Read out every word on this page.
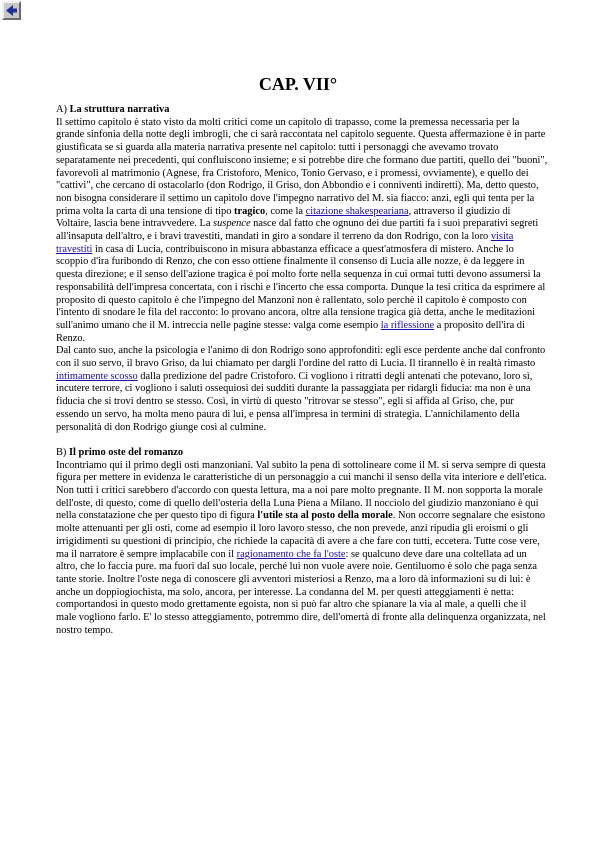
CAP. VII°

A) La struttura narrativa

Il settimo capitolo è stato visto da molti critici come un capitolo di trapasso, come la premessa necessaria per la grande sinfonia della notte degli imbrogli, che ci sarà raccontata nel capitolo seguente. Questa affermazione è in parte giustificata se si guarda alla materia narrativa presente nel capitolo: tutti i personaggi che avevamo trovato separatamente nei precedenti, qui confluiscono insieme; e si potrebbe dire che formano due partiti, quello dei "buoni", favorevoli al matrimonio (Agnese, fra Cristoforo, Menico, Tonio Gervaso, e i promessi, ovviamente), e quello dei "cattivi", che cercano di ostacolarlo (don Rodrigo, il Griso, don Abbondio e i conniventi indiretti). Ma, detto questo, non bisogna considerare il settimo un capitolo dove l'impegno narrativo del M. sia fiacco: anzi, egli qui tenta per la prima volta la carta di una tensione di tipo tragico, come la citazione shakespeariana, attraverso il giudizio di Voltaire, lascia bene intravvedere. La suspence nasce dal fatto che ognuno dei due partiti fa i suoi preparativi segreti all'insaputa dell'altro, e i bravi travestiti, mandati in giro a sondare il terreno da don Rodrigo, con la loro visita travestiti in casa di Lucia, contribuiscono in misura abbastanza efficace a quest'atmosfera di mistero. Anche lo scoppio d'ira furibondo di Renzo, che con esso ottiene finalmente il consenso di Lucia alle nozze, è da leggere in questa direzione; e il senso dell'azione tragica è poi molto forte nella sequenza in cui ormai tutti devono assumersi la responsabilità dell'impresa concertata, con i rischi e l'incerto che essa comporta. Dunque la tesi critica da esprimere al proposito di questo capitolo è che l'impegno del Manzoni non è rallentato, solo perchè il capitolo è composto con l'intento di snodare le fila del racconto: lo provano ancora, oltre alla tensione tragica già detta, anche le meditazioni sull'animo umano che il M. intreccia nelle pagine stesse: valga come esempio la riflessione a proposito dell'ira di Renzo.

Dal canto suo, anche la psicologia e l'animo di don Rodrigo sono approfonditi: egli esce perdente anche dal confronto con il suo servo, il bravo Griso, da lui chiamato per dargli l'ordine del ratto di Lucia. Il tirannello è in realtà rimasto intimamente scosso dalla predizione del padre Cristoforo. Ci vogliono i ritratti degli antenati che potevano, loro sì, incutere terrore, ci vogliono i saluti ossequiosi dei sudditi durante la passaggiata per ridargli fiducia: ma non è una fiducia che si trovi dentro se stesso. Così, in virtù di questo "ritrovar se stesso", egli si affida al Griso, che, pur essendo un servo, ha molta meno paura di lui, e pensa all'impresa in termini di strategia. L'annichilamento della personalità di don Rodrigo giunge così al culmine.

B) Il primo oste del romanzo

Incontriamo qui il primo degli osti manzoniani. Val subito la pena di sottolineare come il M. si serva sempre di questa figura per mettere in evidenza le caratteristiche di un personaggio a cui manchi il senso della vita interiore e dell'etica. Non tutti i critici sarebbero d'accordo con questa lettura, ma a noi pare molto pregnante. Il M. non sopporta la morale dell'oste, di questo, come di quello dell'osteria della Luna Piena a Milano. Il nocciolo del giudizio manzoniano è qui nella constatazione che per questo tipo di figura l'utile sta al posto della morale. Non occorre segnalare che esistono molte attenuanti per gli osti, come ad esempio il loro lavoro stesso, che non prevede, anzi ripudia gli eroismi o gli irrigidimenti su questioni di principio, che richiede la capacità di avere a che fare con tutti, eccetera. Tutte cose vere, ma il narratore è sempre implacabile con il ragionamento che fa l'oste: se qualcuno deve dare una coltellata ad un altro, che lo faccia pure. ma fuori dal suo locale, perché lui non vuole avere noie. Gentiluomo è solo che paga senza tante storie. Inoltre l'oste nega di conoscere gli avventori misteriosi a Renzo, ma a loro dà informazioni su di lui: è anche un doppiogiochista, ma solo, ancora, per interesse. La condanna del M. per questi atteggiamenti è netta: comportandosi in questo modo grettamente egoista, non si può far altro che spianare la via al male, a quelli che il male vogliono farlo. E' lo stesso atteggiamento, potremmo dire, dell'omertà di fronte alla delinquenza organizzata, nel nostro tempo.
